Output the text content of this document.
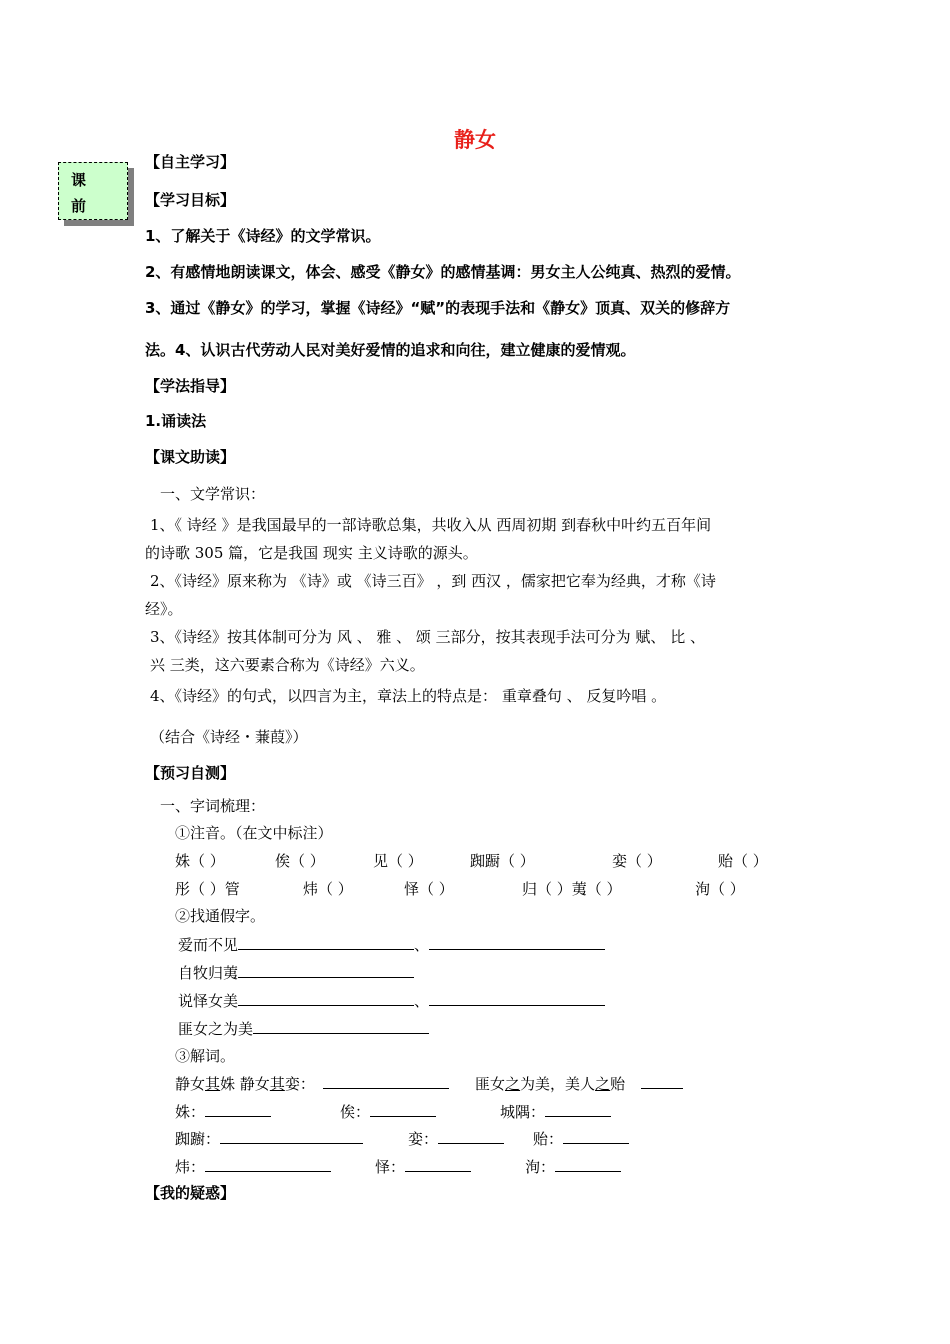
静女
课
前
【自主学习】
【学习目标】
1、了解关于《诗经》的文学常识。
2、有感情地朗读课文，体会、感受《静女》的感情基调：男女主人公纯真、热烈的爱情。
3、通过《静女》的学习，掌握《诗经》“赋”的表现手法和《静女》顶真、双关的修辞方
法。4、认识古代劳动人民对美好爱情的追求和向往，建立健康的爱情观。
【学法指导】
1.诵读法
【课文助读】
一、文学常识：
1、《 诗经 》是我国最早的一部诗歌总集，共收入从 西周初期 到春秋中叶约五百年间
的诗歌 305 篇，它是我国 现实 主义诗歌的源头。
2、《诗经》原来称为 《诗》或 《诗三百》 ，到 西汉 ，儒家把它奉为经典，才称《诗
经》。
3、《诗经》按其体制可分为 风 、 雅 、 颂 三部分，按其表现手法可分为 赋、 比 、
兴 三类，这六要素合称为《诗经》六义。
4、《诗经》的句式，以四言为主，章法上的特点是： 重章叠句 、 反复吟唱 。
（结合《诗经・蒹葭》）
【预习自测】
一、字词梳理：
①注音。（在文中标注）
姝（ ）	俟（ ）	见（ ）	踟蹰（ ）	娈（ ）	贻（ ）
彤（ ）管	炜（ ）	怿（ ）	归（ ）荑（ ）	洵（ ）
②找通假字。
爱而不见	、
自牧归荑
说怿女美	、
匪女之为美
③解词。
静女其姝 静女其娈：	匪女之为美，美人之贻
姝：	俟：	城隅：
踟躕：	娈：	贻：
炜：	怿：	洵：
【我的疑惑】
